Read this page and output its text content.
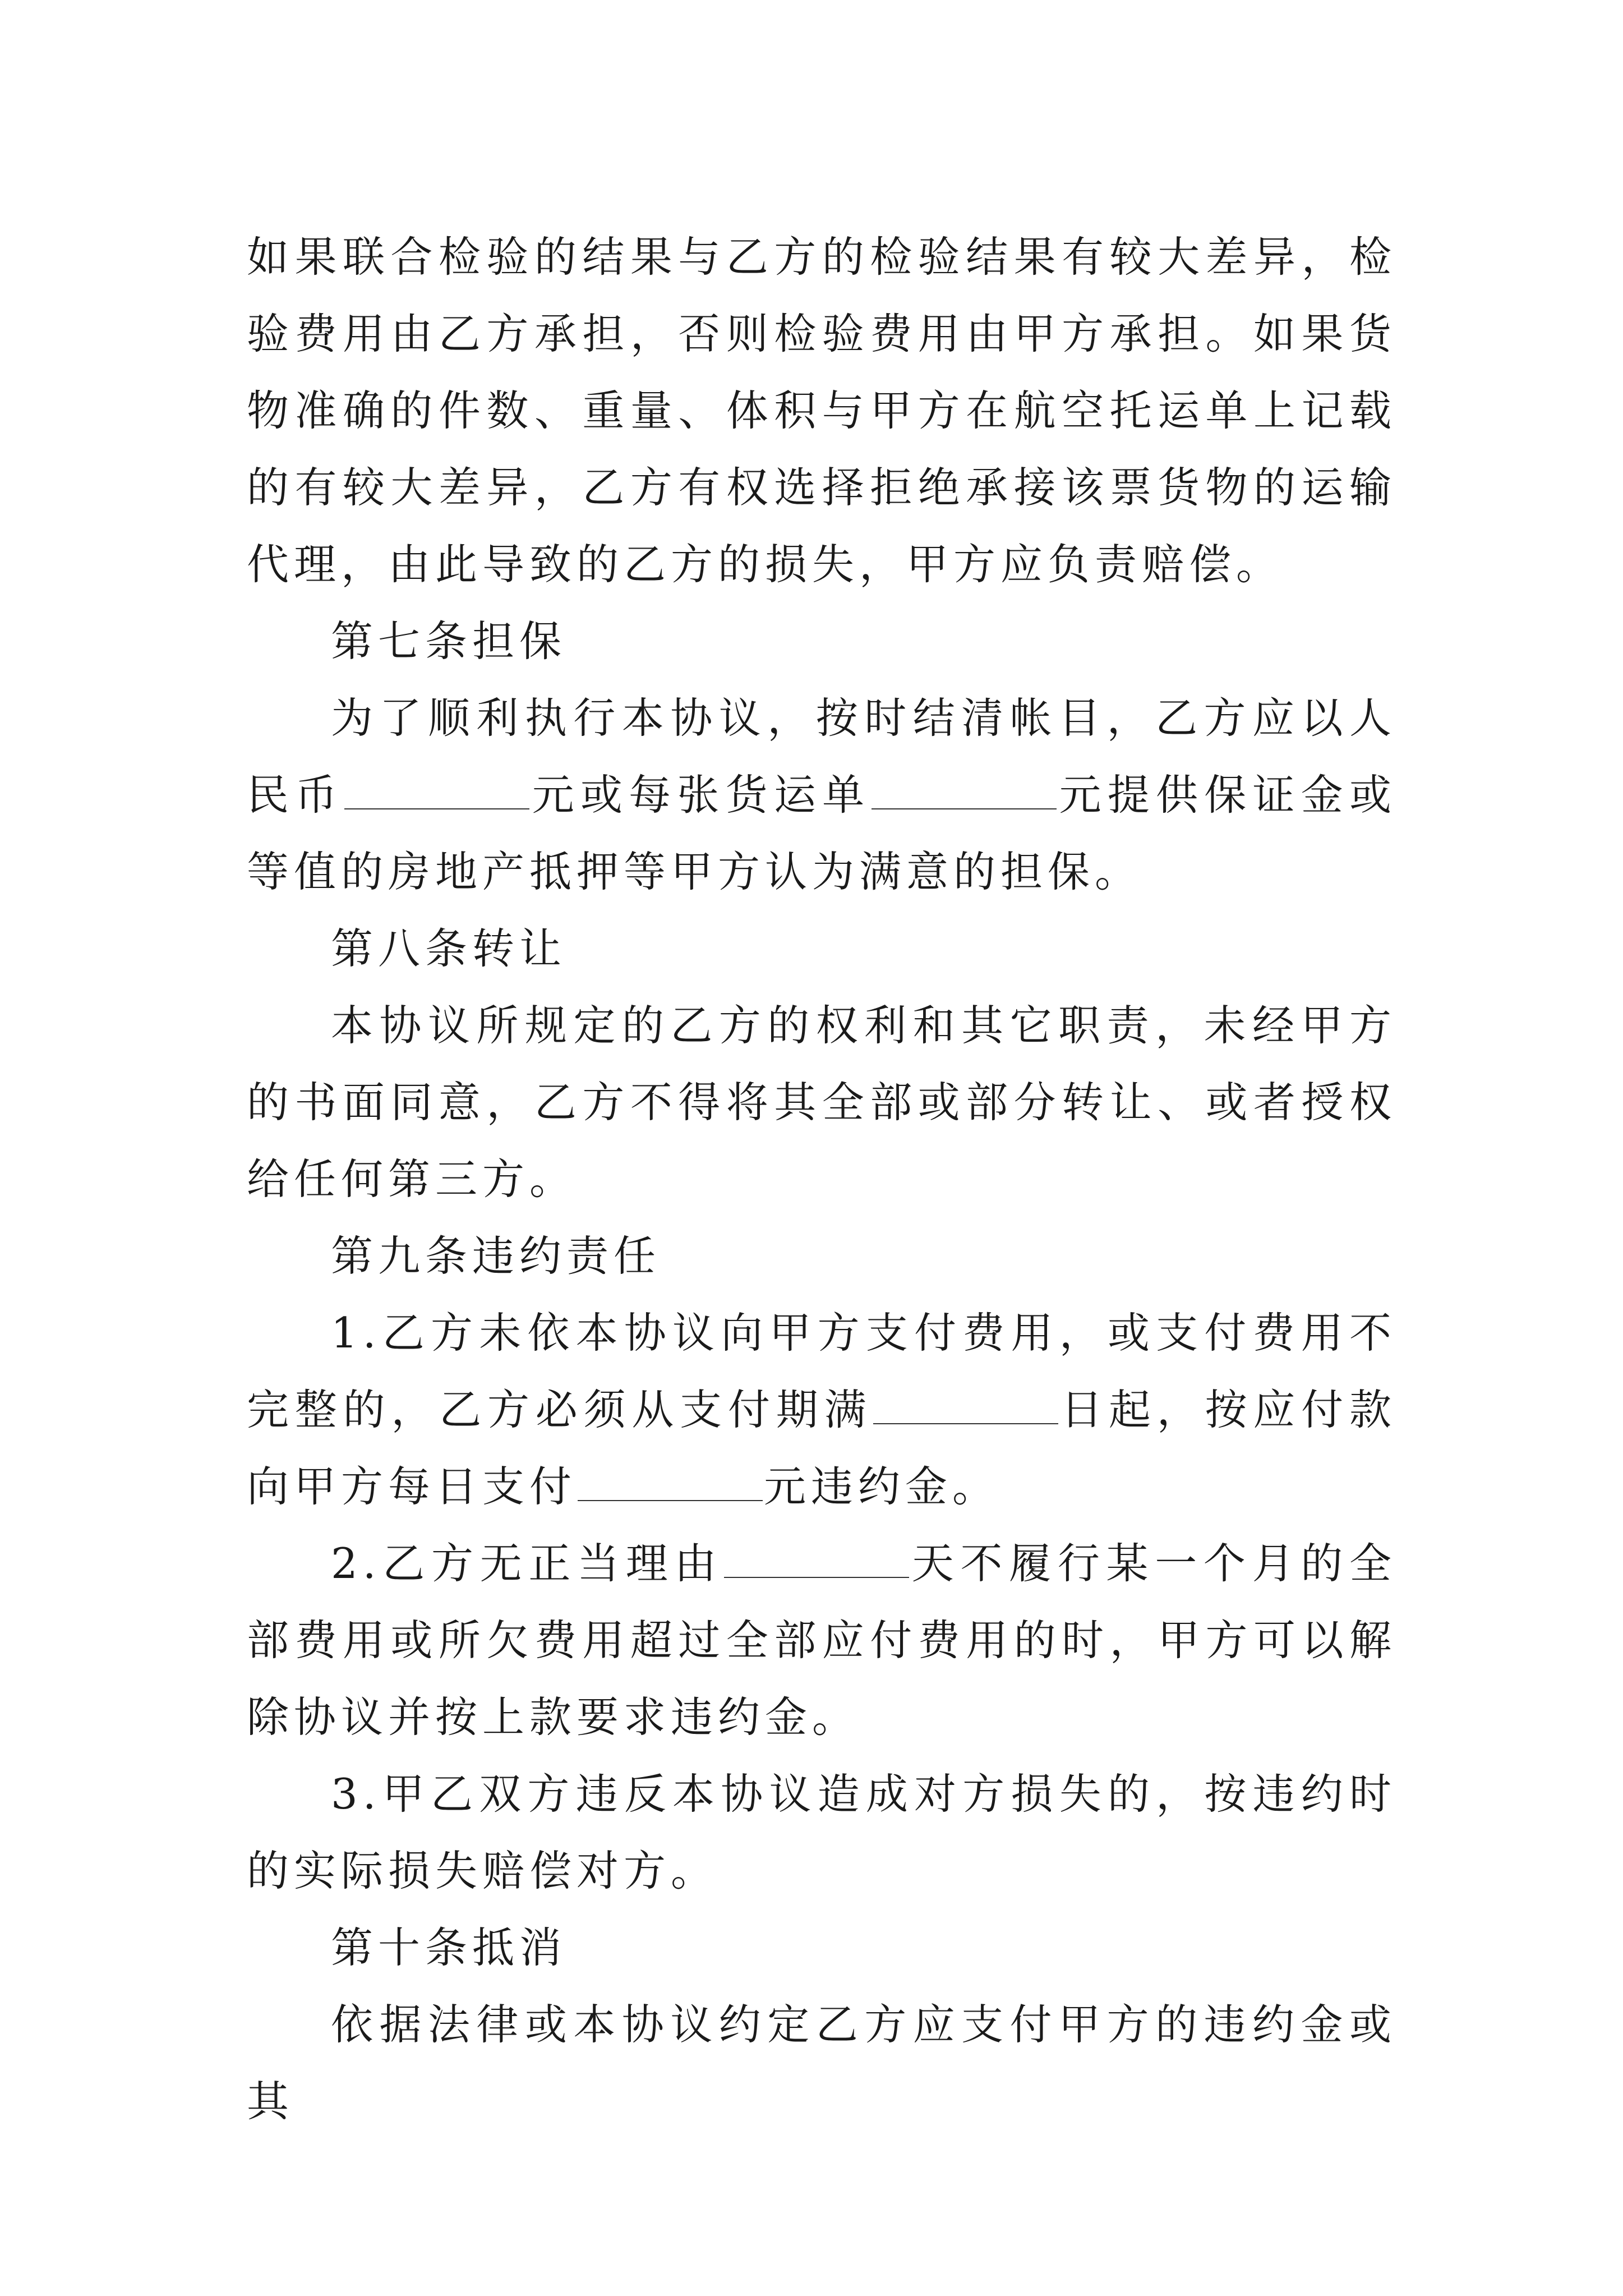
如果联合检验的结果与乙方的检验结果有较大差异，检验费用由乙方承担，否则检验费用由甲方承担。如果货物准确的件数、重量、体积与甲方在航空托运单上记载的有较大差异，乙方有权选择拒绝承接该票货物的运输代理，由此导致的乙方的损失，甲方应负责赔偿。

第七条担保

为了顺利执行本协议，按时结清帐目，乙方应以人民币	元或每张货运单	元提供保证金或等值的房地产抵押等甲方认为满意的担保。

第八条转让

本协议所规定的乙方的权利和其它职责，未经甲方的书面同意，乙方不得将其全部或部分转让、或者授权给任何第三方。

第九条违约责任

1.乙方未依本协议向甲方支付费用，或支付费用不完整的，乙方必须从支付期满	日起，按应付款向甲方每日支付	元违约金。

2.乙方无正当理由	天不履行某一个月的全部费用或所欠费用超过全部应付费用的时，甲方可以解除协议并按上款要求违约金。

3.甲乙双方违反本协议造成对方损失的，按违约时的实际损失赔偿对方。

第十条抵消

依据法律或本协议约定乙方应支付甲方的违约金或其
